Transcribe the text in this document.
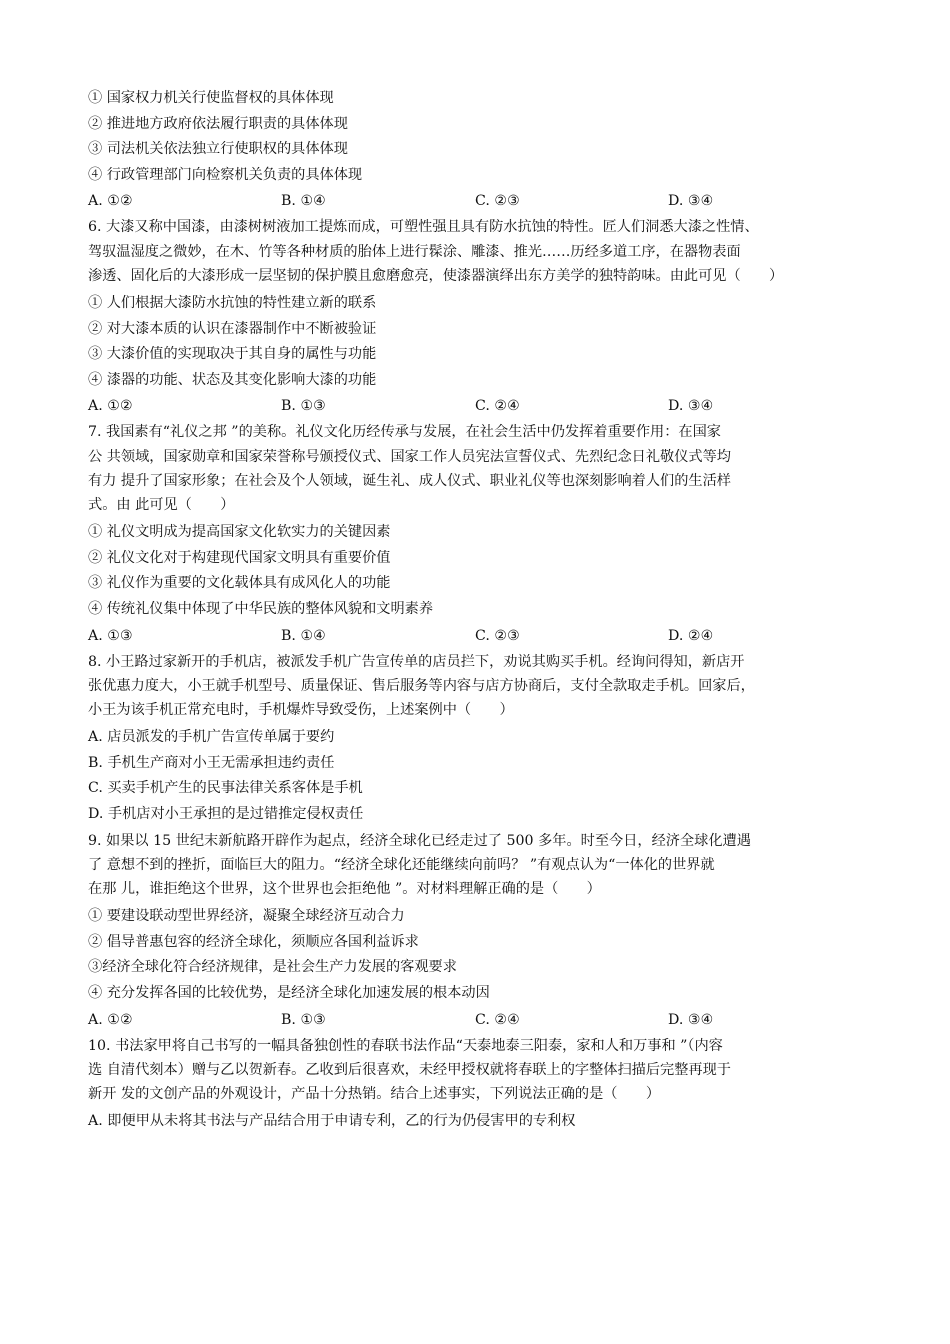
① 国家权力机关行使监督权的具体体现

② 推进地方政府依法履行职责的具体体现

③ 司法机关依法独立行使职权的具体体现

④ 行政管理部门向检察机关负责的具体体现

A. ①②	B. ①④	C. ②③	D. ③④

6. 大漆又称中国漆，由漆树树液加工提炼而成，可塑性强且具有防水抗蚀的特性。匠人们洞悉大漆之性情、

驾驭温湿度之微妙，在木、竹等各种材质的胎体上进行髹涂、雕漆、推光……历经多道工序，在器物表面

渗透、固化后的大漆形成一层坚韧的保护膜且愈磨愈亮，使漆器演绎出东方美学的独特韵味。由此可见（　　）

① 人们根据大漆防水抗蚀的特性建立新的联系

② 对大漆本质的认识在漆器制作中不断被验证

③ 大漆价值的实现取决于其自身的属性与功能

④ 漆器的功能、状态及其变化影响大漆的功能

A. ①②	B. ①③	C. ②④	D. ③④

7. 我国素有“礼仪之邦 ”的美称。礼仪文化历经传承与发展，在社会生活中仍发挥着重要作用：在国家

公 共领域，国家勋章和国家荣誉称号颁授仪式、国家工作人员宪法宣誓仪式、先烈纪念日礼敬仪式等均

有力 提升了国家形象；在社会及个人领域，诞生礼、成人仪式、职业礼仪等也深刻影响着人们的生活样

式。由 此可见（　　）

① 礼仪文明成为提高国家文化软实力的关键因素

② 礼仪文化对于构建现代国家文明具有重要价值

③ 礼仪作为重要的文化载体具有成风化人的功能

④ 传统礼仪集中体现了中华民族的整体风貌和文明素养

A. ①③	B. ①④	C. ②③	D. ②④

8. 小王路过家新开的手机店，被派发手机广告宣传单的店员拦下，劝说其购买手机。经询问得知，新店开

张优惠力度大，小王就手机型号、质量保证、售后服务等内容与店方协商后，支付全款取走手机。回家后，

小王为该手机正常充电时，手机爆炸导致受伤，上述案例中（　　）

A. 店员派发的手机广告宣传单属于要约

B. 手机生产商对小王无需承担违约责任

C. 买卖手机产生的民事法律关系客体是手机

D. 手机店对小王承担的是过错推定侵权责任

9. 如果以 15 世纪末新航路开辟作为起点，经济全球化已经走过了 500 多年。时至今日，经济全球化遭遇

了 意想不到的挫折，面临巨大的阻力。“经济全球化还能继续向前吗？ ”有观点认为“一体化的世界就

在那 儿，谁拒绝这个世界，这个世界也会拒绝他 ”。对材料理解正确的是（　　）

① 要建设联动型世界经济，凝聚全球经济互动合力

② 倡导普惠包容的经济全球化，须顺应各国利益诉求

③经济全球化符合经济规律，是社会生产力发展的客观要求

④ 充分发挥各国的比较优势，是经济全球化加速发展的根本动因

A. ①②	B. ①③	C. ②④	D. ③④

10. 书法家甲将自己书写的一幅具备独创性的春联书法作品“天泰地泰三阳泰，家和人和万事和 ”（内容

选 自清代刻本）赠与乙以贺新春。乙收到后很喜欢，未经甲授权就将春联上的字整体扫描后完整再现于

新开 发的文创产品的外观设计，产品十分热销。结合上述事实，下列说法正确的是（　　）

A. 即便甲从未将其书法与产品结合用于申请专利，乙的行为仍侵害甲的专利权
